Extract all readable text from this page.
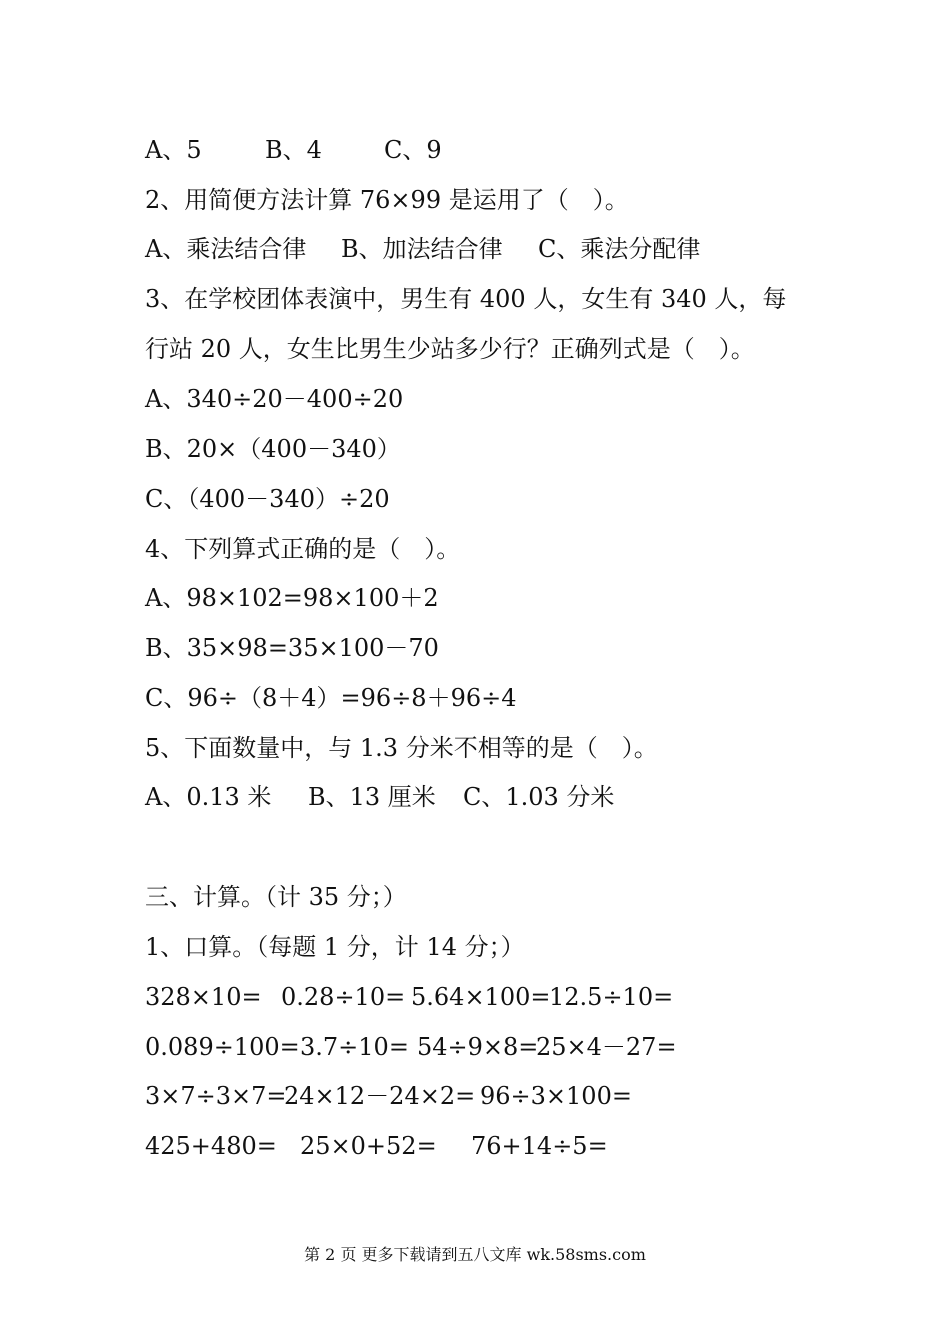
A、5	B、4	C、9
2、用简便方法计算 76×99 是运用了（　）。
A、乘法结合律 B、加法结合律 C、乘法分配律
3、在学校团体表演中，男生有 400 人，女生有 340 人，每
行站 20 人，女生比男生少站多少行？正确列式是（　）。
A、340÷20－400÷20
B、20×（400－340）
C、（400－340）÷20
4、下列算式正确的是（　）。
A、98×102=98×100＋2
B、35×98=35×100－70
C、96÷（8＋4）=96÷8＋96÷4
5、下面数量中，与 1.3 分米不相等的是（　）。
A、0.13 米 B、13 厘米 C、1.03 分米
三、计算。（计 35 分；）
1、口算。（每题 1 分，计 14 分；）
328×10= 0.28÷10= 5.64×100=
12.5÷10=
0.089÷100= 3.7÷10= 54÷9×8=
25×4－27=
3×7÷3×7=
24×12－24×2= 96÷3×100=
425+480= 25×0+52= 76+14÷5=
第 2 页 更多下载请到五八文库 wk.58sms.com
